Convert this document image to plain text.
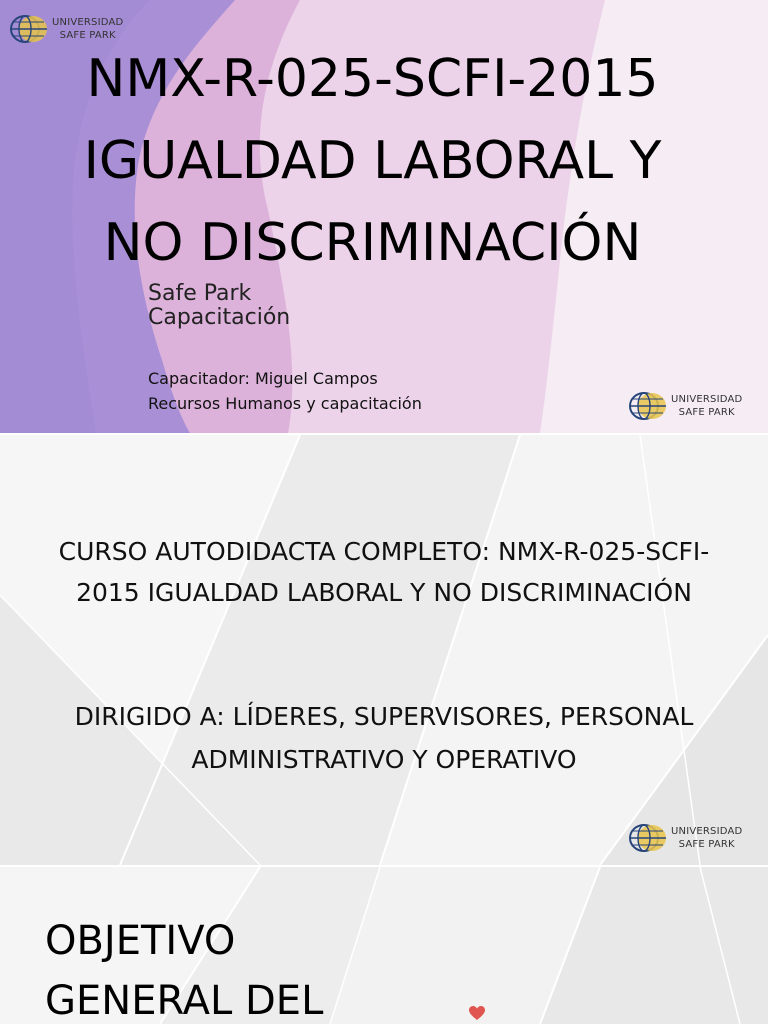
UNIVERSIDAD
SAFE PARK
NMX-R-025-SCFI-2015 IGUALDAD LABORAL Y NO DISCRIMINACIÓN
Safe Park
Capacitación
Capacitador: Miguel Campos
Recursos Humanos y capacitación	UNIVERSIDAD
SAFE PARK
CURSO AUTODIDACTA COMPLETO: NMX-R-025-SCFI-2015 IGUALDAD LABORAL Y NO DISCRIMINACIÓN
DIRIGIDO A: LÍDERES, SUPERVISORES, PERSONAL ADMINISTRATIVO Y OPERATIVO
UNIVERSIDAD
SAFE PARK
OBJETIVO
GENERAL DEL
